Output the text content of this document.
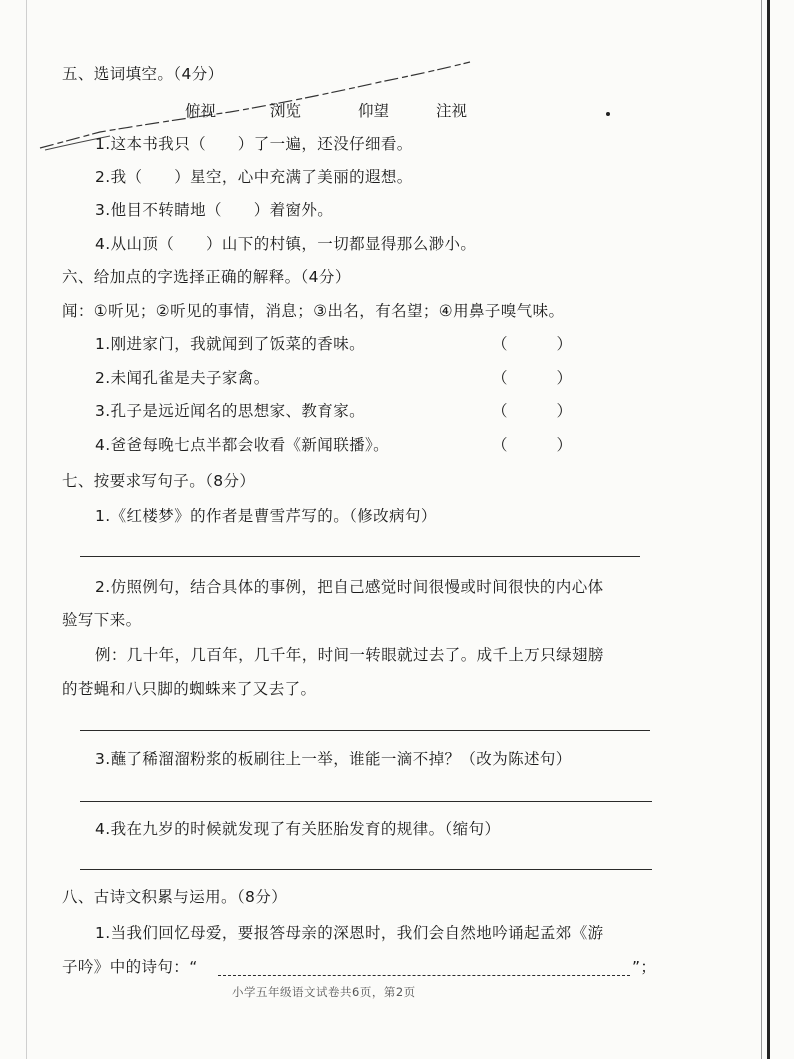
五、选词填空。（4分）
俯视	浏览	仰望	注视
1.这本书我只（　　）了一遍，还没仔细看。
2.我（　　）星空，心中充满了美丽的遐想。
3.他目不转睛地（　　）着窗外。
4.从山顶（　　）山下的村镇，一切都显得那么渺小。
六、给加点的字选择正确的解释。（4分）
闻：①听见；②听见的事情，消息；③出名，有名望；④用鼻子嗅气味。
1.刚进家门，我就闻到了饭菜的香味。	（　　）
2.未闻孔雀是夫子家禽。	（　　）
3.孔子是远近闻名的思想家、教育家。	（　　）
4.爸爸每晚七点半都会收看《新闻联播》。	（　　）
七、按要求写句子。（8分）
1.《红楼梦》的作者是曹雪芹写的。（修改病句）
2.仿照例句，结合具体的事例，把自己感觉时间很慢或时间很快的内心体
验写下来。
例：几十年，几百年，几千年，时间一转眼就过去了。成千上万只绿翅膀
的苍蝇和八只脚的蜘蛛来了又去了。
3.蘸了稀溜溜粉浆的板刷往上一举，谁能一滴不掉？（改为陈述句）
4.我在九岁的时候就发现了有关胚胎发育的规律。（缩句）
八、古诗文积累与运用。（8分）
1.当我们回忆母爱，要报答母亲的深恩时，我们会自然地吟诵起孟郊《游
子吟》中的诗句：“	”；
小学五年级语文试卷共6页，第2页
